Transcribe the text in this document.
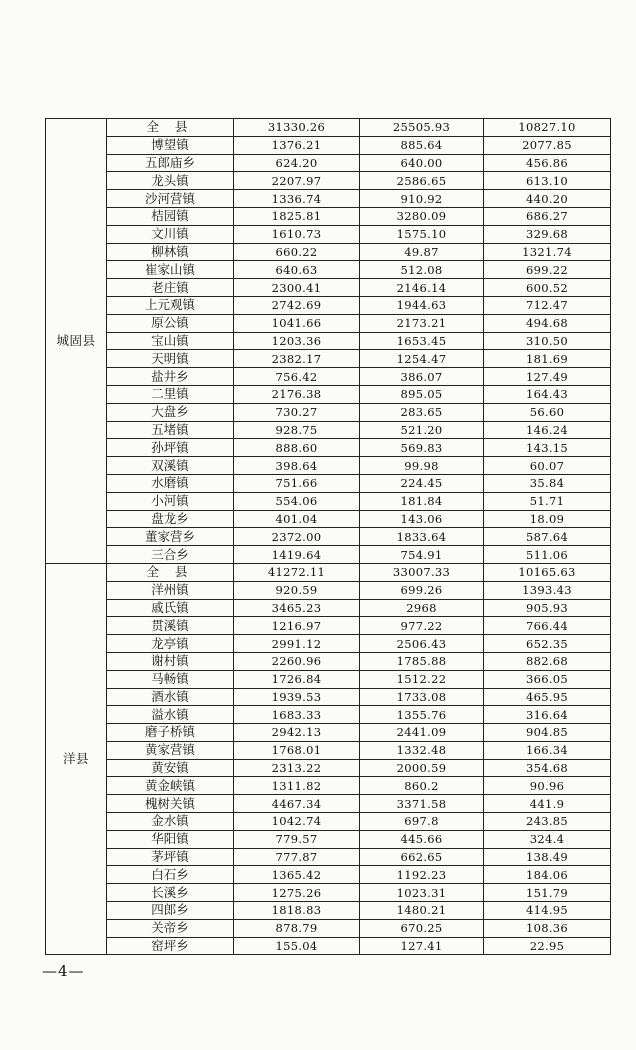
城固县	全 县	31330.26	25505.93	10827.10
	博望镇	1376.21	885.64	2077.85
	五郎庙乡	624.20	640.00	456.86
	龙头镇	2207.97	2586.65	613.10
	沙河营镇	1336.74	910.92	440.20
	桔园镇	1825.81	3280.09	686.27
	文川镇	1610.73	1575.10	329.68
	柳林镇	660.22	49.87	1321.74
	崔家山镇	640.63	512.08	699.22
	老庄镇	2300.41	2146.14	600.52
	上元观镇	2742.69	1944.63	712.47
	原公镇	1041.66	2173.21	494.68
	宝山镇	1203.36	1653.45	310.50
	天明镇	2382.17	1254.47	181.69
	盐井乡	756.42	386.07	127.49
	二里镇	2176.38	895.05	164.43
	大盘乡	730.27	283.65	56.60
	五堵镇	928.75	521.20	146.24
	孙坪镇	888.60	569.83	143.15
	双溪镇	398.64	99.98	60.07
	水磨镇	751.66	224.45	35.84
	小河镇	554.06	181.84	51.71
	盘龙乡	401.04	143.06	18.09
	董家营乡	2372.00	1833.64	587.64
	三合乡	1419.64	754.91	511.06
洋县	全 县	41272.11	33007.33	10165.63
	洋州镇	920.59	699.26	1393.43
	戚氏镇	3465.23	2968	905.93
	贯溪镇	1216.97	977.22	766.44
	龙亭镇	2991.12	2506.43	652.35
	谢村镇	2260.96	1785.88	882.68
	马畅镇	1726.84	1512.22	366.05
	酒水镇	1939.53	1733.08	465.95
	溢水镇	1683.33	1355.76	316.64
	磨子桥镇	2942.13	2441.09	904.85
	黄家营镇	1768.01	1332.48	166.34
	黄安镇	2313.22	2000.59	354.68
	黄金峡镇	1311.82	860.2	90.96
	槐树关镇	4467.34	3371.58	441.9
	金水镇	1042.74	697.8	243.85
	华阳镇	779.57	445.66	324.4
	茅坪镇	777.87	662.65	138.49
	白石乡	1365.42	1192.23	184.06
	长溪乡	1275.26	1023.31	151.79
	四郎乡	1818.83	1480.21	414.95
	关帝乡	878.79	670.25	108.36
	窑坪乡	155.04	127.41	22.95
—4—
